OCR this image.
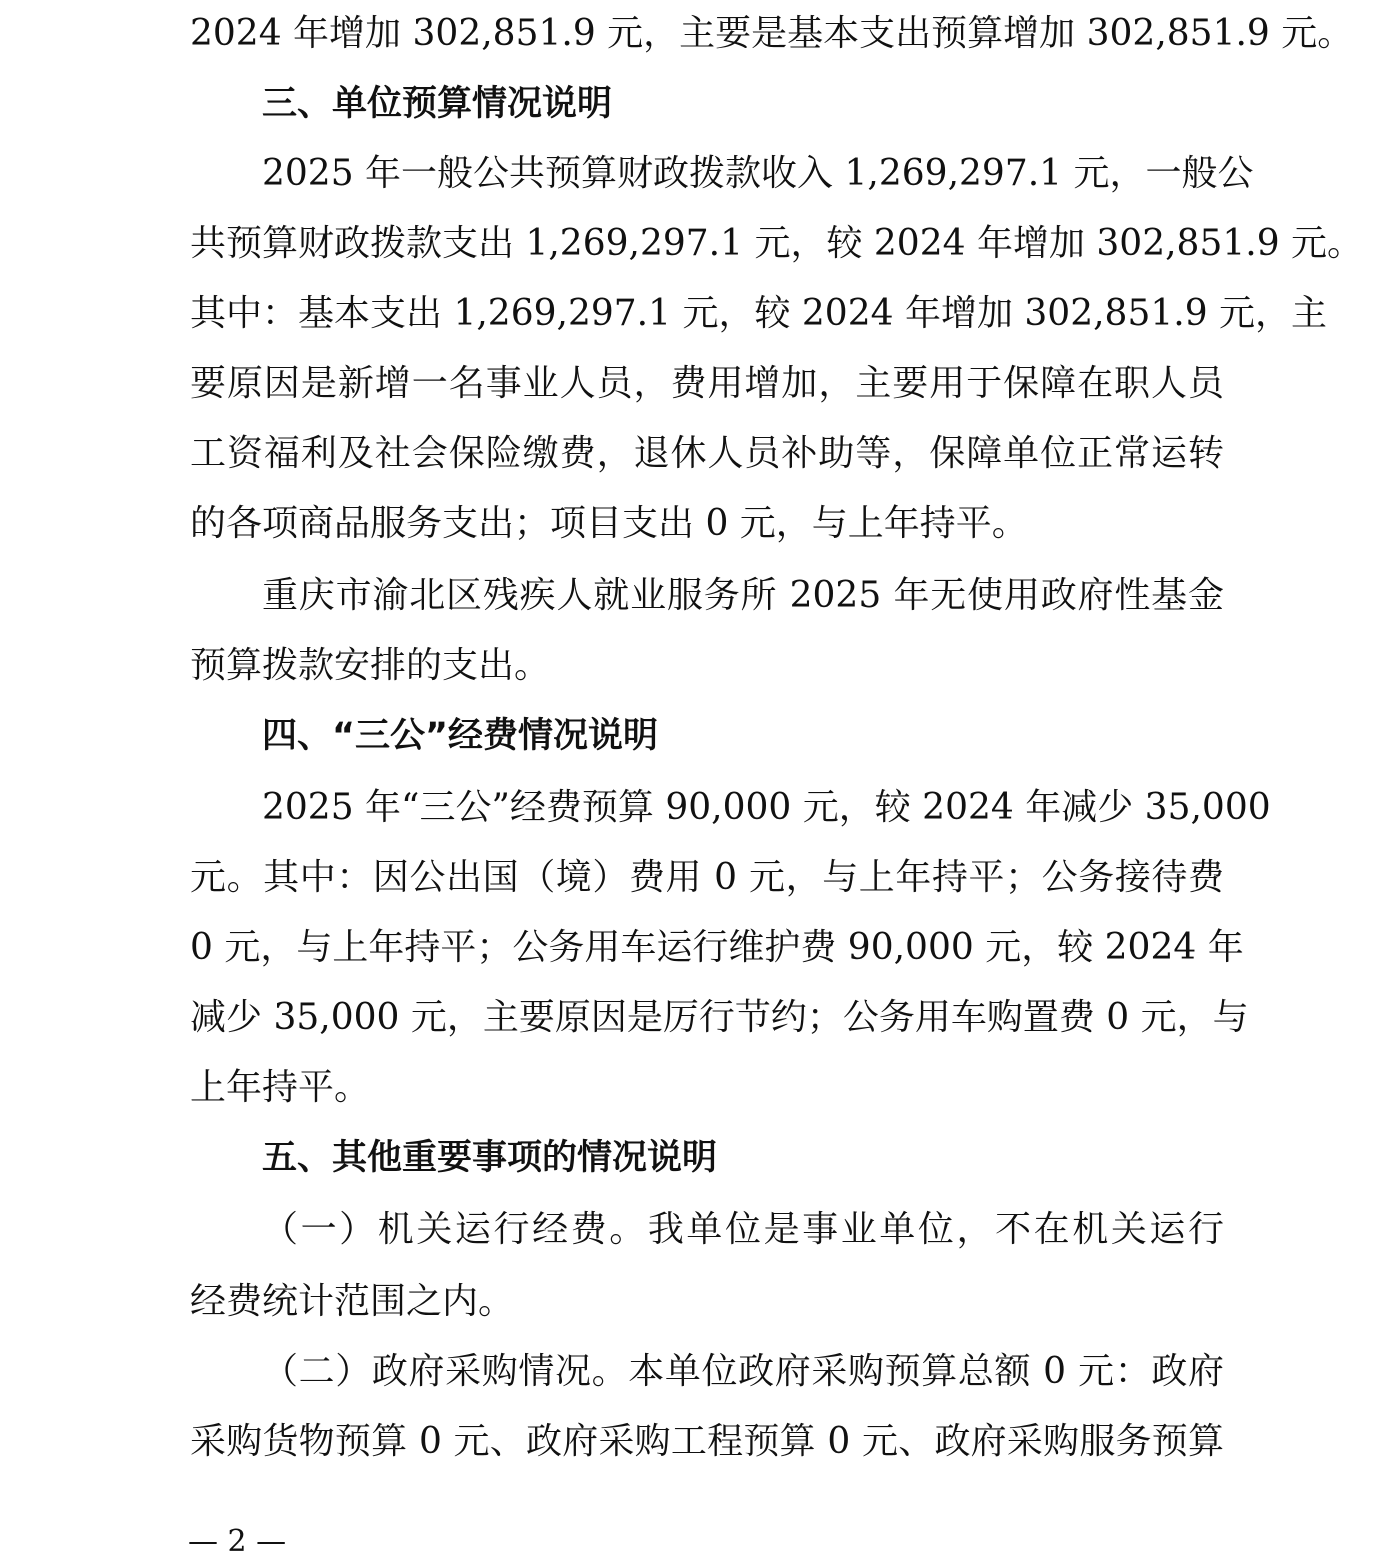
2024 年增加 302,851.9 元，主要是基本支出预算增加 302,851.9 元。
三、单位预算情况说明
2025 年一般公共预算财政拨款收入 1,269,297.1 元，一般公
共预算财政拨款支出 1,269,297.1 元，较 2024 年增加 302,851.9 元。
其中：基本支出 1,269,297.1 元，较 2024 年增加 302,851.9 元，主
要原因是新增一名事业人员，费用增加，主要用于保障在职人员
工资福利及社会保险缴费，退休人员补助等，保障单位正常运转
的各项商品服务支出；项目支出 0 元，与上年持平。
重庆市渝北区残疾人就业服务所 2025 年无使用政府性基金
预算拨款安排的支出。
四、“三公”经费情况说明
2025 年“三公”经费预算 90,000 元，较 2024 年减少 35,000
元。其中：因公出国（境）费用 0 元，与上年持平；公务接待费
0 元，与上年持平；公务用车运行维护费 90,000 元，较 2024 年
减少 35,000 元，主要原因是厉行节约；公务用车购置费 0 元，与
上年持平。
五、其他重要事项的情况说明
（一）机关运行经费。我单位是事业单位，不在机关运行
经费统计范围之内。
（二）政府采购情况。本单位政府采购预算总额 0 元：政府
采购货物预算 0 元、政府采购工程预算 0 元、政府采购服务预算
— 2 —
